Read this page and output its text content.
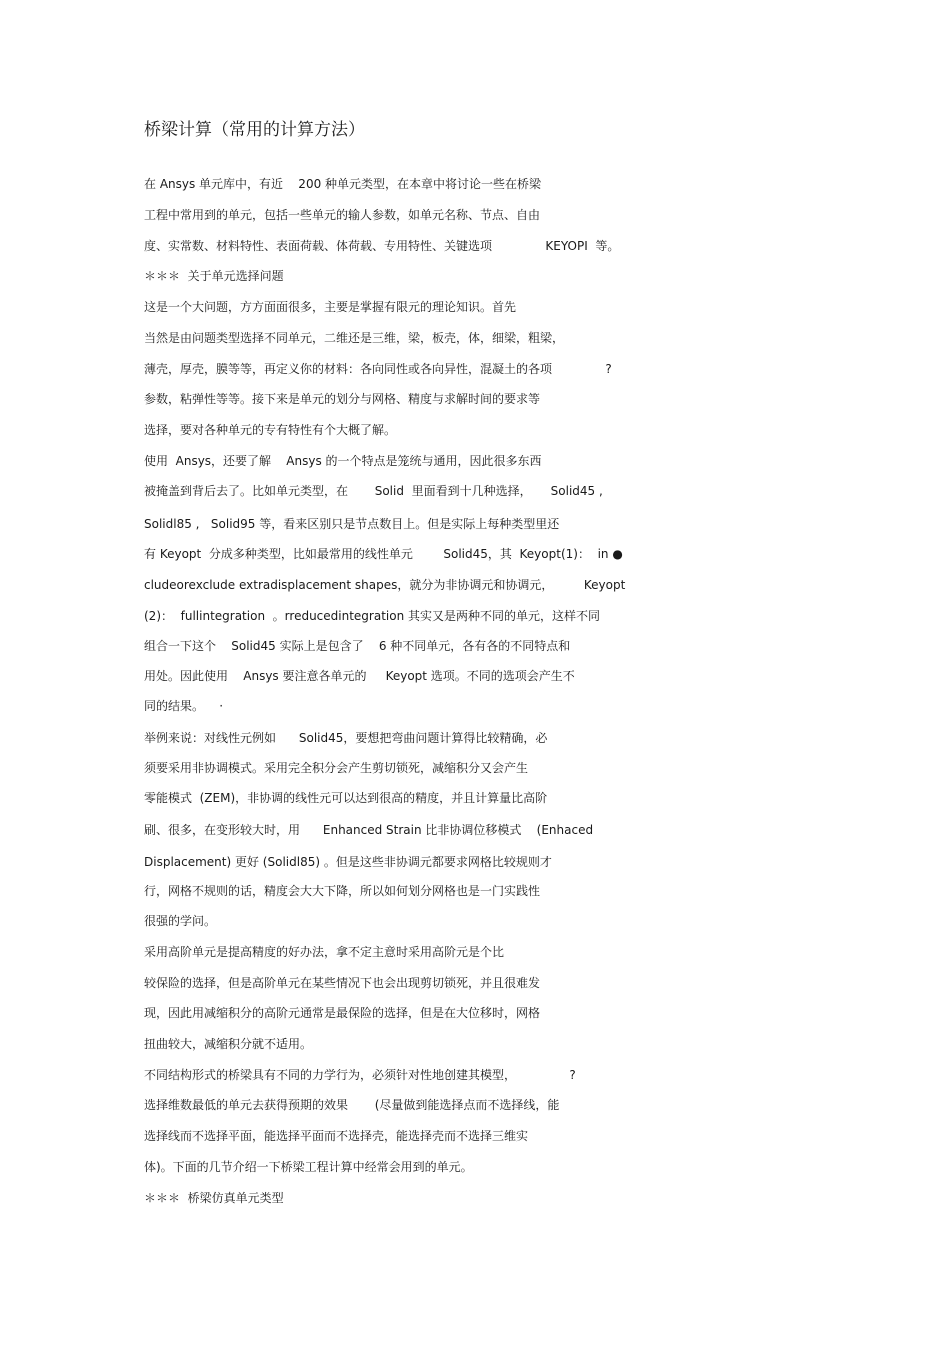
桥梁计算（常用的计算方法）
在 Ansys 单元库中，有近    200 种单元类型，在本章中将讨论一些在桥梁
工程中常用到的单元，包括一些单元的输人参数，如单元名称、节点、自由
度、实常数、材料特性、表面荷载、体荷载、专用特性、关键选项              KEYOPI  等。
＊＊＊  关于单元选择问题
这是一个大问题，方方面面很多，主要是掌握有限元的理论知识。首先
当然是由问题类型选择不同单元，二维还是三维，梁，板壳，体，细梁，粗梁，
薄壳，厚壳，膜等等，再定义你的材料：各向同性或各向异性，混凝土的各项              ?
参数，粘弹性等等。接下来是单元的划分与网格、精度与求解时间的要求等
选择，要对各种单元的专有特性有个大概了解。
使用  Ansys，还要了解    Ansys 的一个特点是笼统与通用，因此很多东西
被掩盖到背后去了。比如单元类型，在       Solid  里面看到十几种选择，     Solid45 ,
Solidl85 ,   Solid95 等，看来区别只是节点数目上。但是实际上每种类型里还
有 Keyopt  分成多种类型，比如最常用的线性单元        Solid45，其  Keyopt(1)：  in ●
cludeorexclude extradisplacement shapes，就分为非协调元和协调元，        Keyopt
(2)：  fullintegration  。rreducedintegration 其实又是两种不同的单元，这样不同
组合一下这个    Solid45 实际上是包含了    6 种不同单元，各有各的不同特点和
用处。因此使用    Ansys 要注意各单元的     Keyopt 选项。不同的选项会产生不
同的结果。    ·
举例来说：对线性元例如      Solid45，要想把弯曲问题计算得比较精确，必
须要采用非协调模式。采用完全积分会产生剪切锁死，减缩积分又会产生
零能模式  (ZEM)，非协调的线性元可以达到很高的精度，并且计算量比高阶
刷、很多，在变形较大时，用      Enhanced Strain 比非协调位移模式    (Enhaced
Displacement) 更好 (Solidl85) 。但是这些非协调元都要求网格比较规则才
行，网格不规则的话，精度会大大下降，所以如何划分网格也是一门实践性
很强的学问。
采用高阶单元是提高精度的好办法，拿不定主意时采用高阶元是个比
较保险的选择，但是高阶单元在某些情况下也会出现剪切锁死，并且很难发
现，因此用减缩积分的高阶元通常是最保险的选择，但是在大位移时，网格
扭曲较大，减缩积分就不适用。
不同结构形式的桥梁具有不同的力学行为，必须针对性地创建其模型，              ?
选择维数最低的单元去获得预期的效果       (尽量做到能选择点而不选择线，能
选择线而不选择平面，能选择平面而不选择壳，能选择壳而不选择三维实
体)。下面的几节介绍一下桥梁工程计算中经常会用到的单元。
＊＊＊  桥梁仿真单元类型
